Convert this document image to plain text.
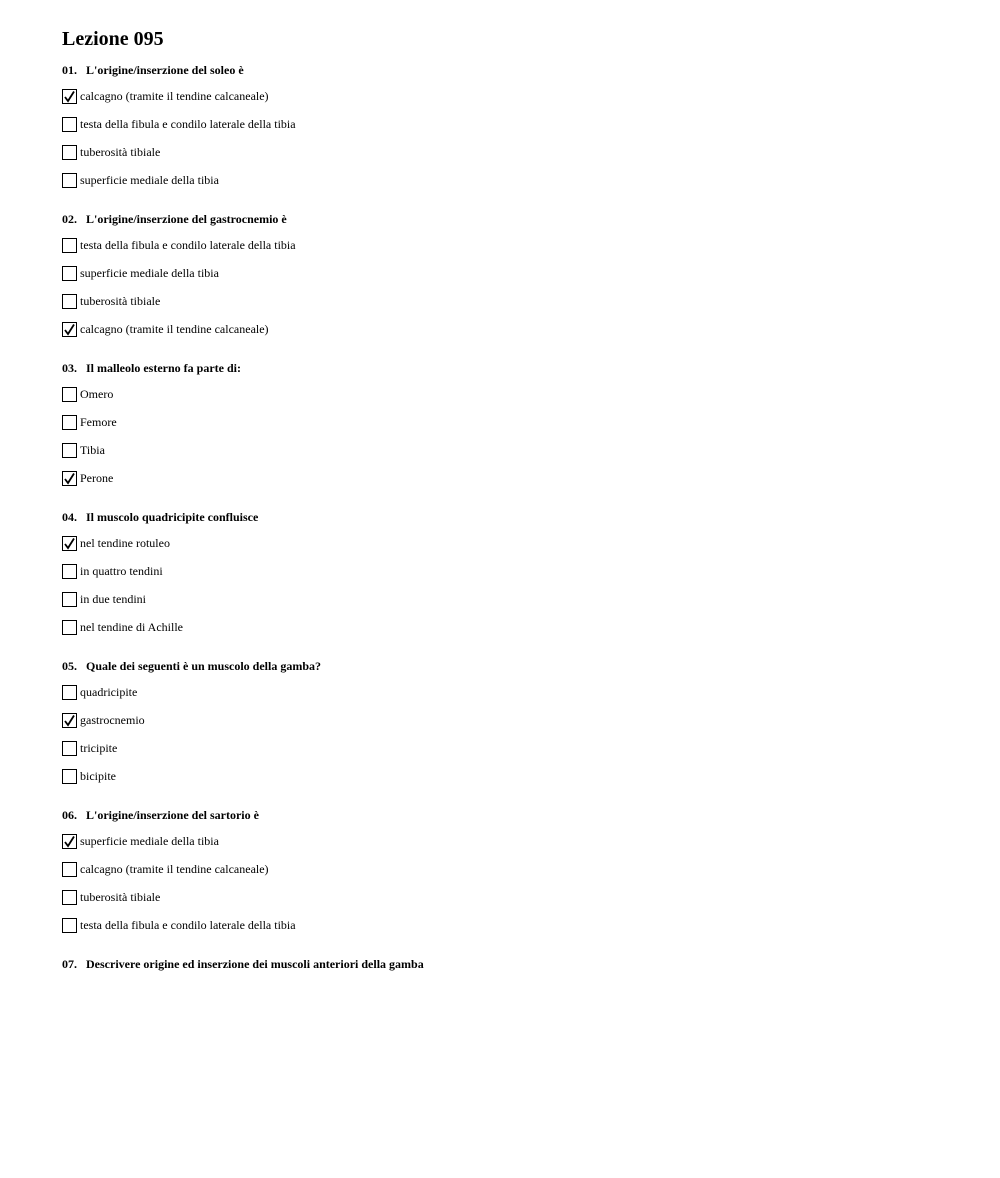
Lezione 095
01. L'origine/inserzione del soleo è
calcagno (tramite il tendine calcaneale)
testa della fibula e condilo laterale della tibia
tuberosità tibiale
superficie mediale della tibia
02. L'origine/inserzione del gastrocnemio è
testa della fibula e condilo laterale della tibia
superficie mediale della tibia
tuberosità tibiale
calcagno (tramite il tendine calcaneale)
03. Il malleolo esterno fa parte di:
Omero
Femore
Tibia
Perone
04. Il muscolo quadricipite confluisce
nel tendine rotuleo
in quattro tendini
in due tendini
nel tendine di Achille
05. Quale dei seguenti è un muscolo della gamba?
quadricipite
gastrocnemio
tricipite
bicipite
06. L'origine/inserzione del sartorio è
superficie mediale della tibia
calcagno (tramite il tendine calcaneale)
tuberosità tibiale
testa della fibula e condilo laterale della tibia
07. Descrivere origine ed inserzione dei muscoli anteriori della gamba
